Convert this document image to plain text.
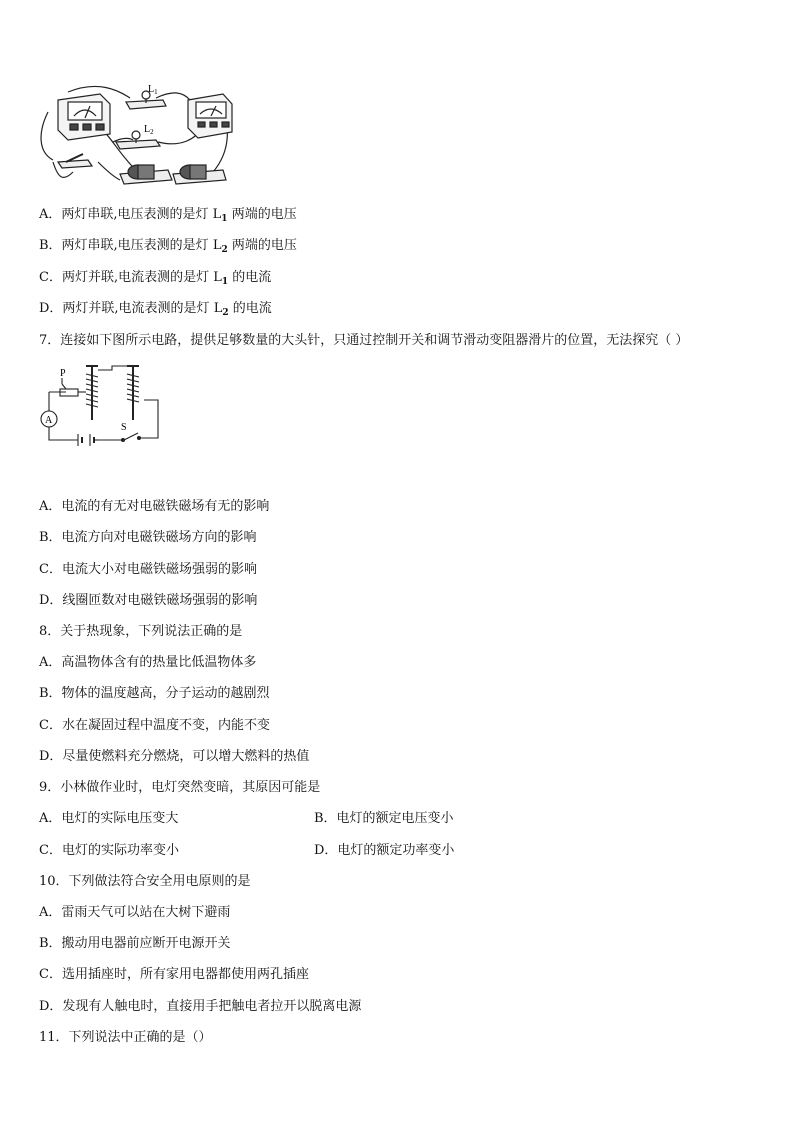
$L_1$
$L_2$
A．两灯串联,电压表测的是灯 $L_1$ 两端的电压
B．两灯串联,电压表测的是灯 $L_2$ 两端的电压
C．两灯并联,电流表测的是灯 $L_1$ 的电流
D．两灯并联,电流表测的是灯 $L_2$ 的电流
7．连接如下图所示电路，提供足够数量的大头针，只通过控制开关和调节滑动变阻器滑片的位置，无法探究（ ）
P
A
S
A．电流的有无对电磁铁磁场有无的影响
B．电流方向对电磁铁磁场方向的影响
C．电流大小对电磁铁磁场强弱的影响
D．线圈匝数对电磁铁磁场强弱的影响
8．关于热现象，下列说法正确的是
A．高温物体含有的热量比低温物体多
B．物体的温度越高，分子运动的越剧烈
C．水在凝固过程中温度不变，内能不变
D．尽量使燃料充分燃烧，可以增大燃料的热值
9．小林做作业时，电灯突然变暗，其原因可能是
A．电灯的实际电压变大	B．电灯的额定电压变小
C．电灯的实际功率变小	D．电灯的额定功率变小
10．下列做法符合安全用电原则的是
A．雷雨天气可以站在大树下避雨
B．搬动用电器前应断开电源开关
C．选用插座时，所有家用电器都使用两孔插座
D．发现有人触电时，直接用手把触电者拉开以脱离电源
11．下列说法中正确的是（）
